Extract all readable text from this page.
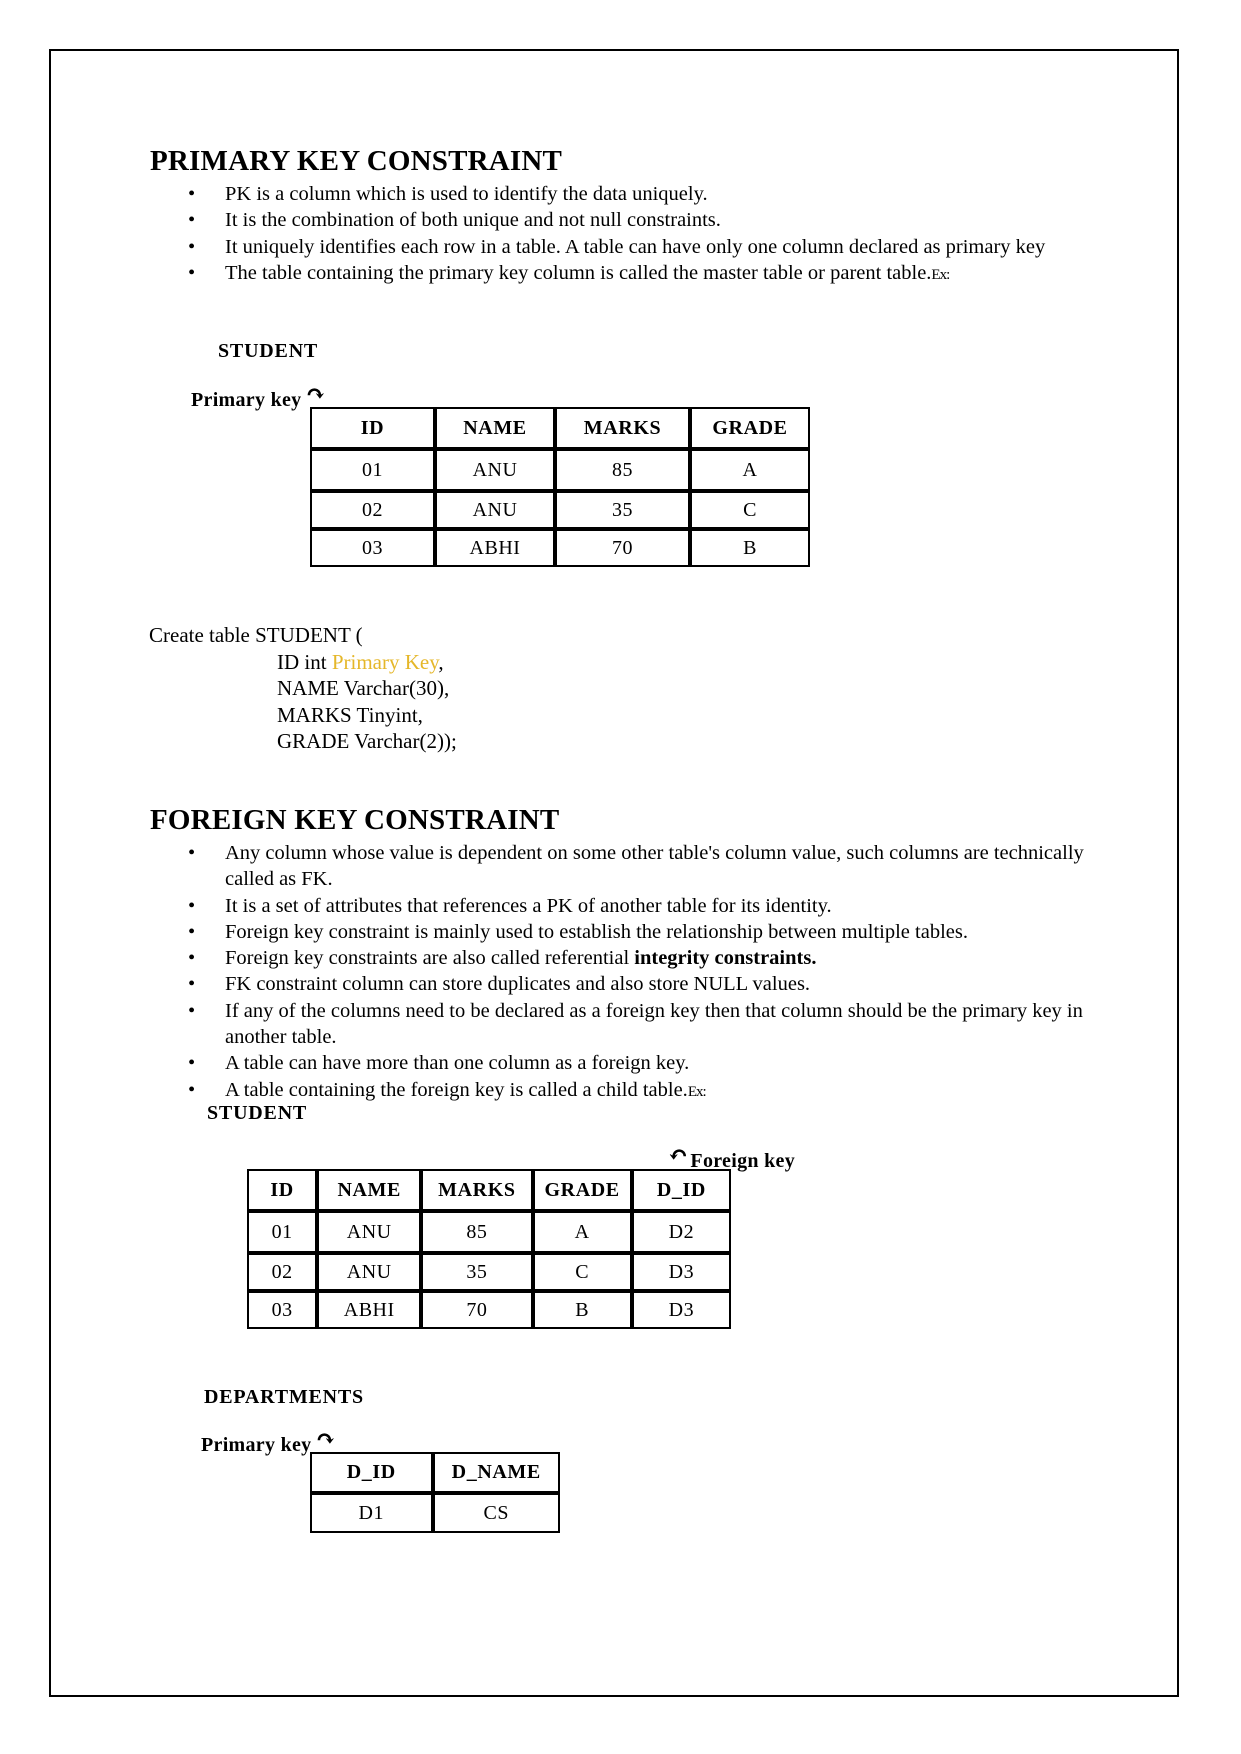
PRIMARY KEY CONSTRAINT
• PK is a column which is used to identify the data uniquely.
• It is the combination of both unique and not null constraints.
• It uniquely identifies each row in a table. A table can have only one column declared as primary key
• The table containing the primary key column is called the master table or parent table.Ex:
STUDENT
Primary key ↷
ID	NAME	MARKS	GRADE
01	ANU	85	A
02	ANU	35	C
03	ABHI	70	B
Create table STUDENT (
ID int Primary Key,
NAME Varchar(30),
MARKS Tinyint,
GRADE Varchar(2));
FOREIGN KEY CONSTRAINT
• Any column whose value is dependent on some other table's column value, such columns are technically called as FK.
• It is a set of attributes that references a PK of another table for its identity.
• Foreign key constraint is mainly used to establish the relationship between multiple tables.
• Foreign key constraints are also called referential integrity constraints.
• FK constraint column can store duplicates and also store NULL values.
• If any of the columns need to be declared as a foreign key then that column should be the primary key in another table.
• A table can have more than one column as a foreign key.
• A table containing the foreign key is called a child table.Ex:
STUDENT
↶ Foreign key
ID	NAME	MARKS	GRADE	D_ID
01	ANU	85	A	D2
02	ANU	35	C	D3
03	ABHI	70	B	D3
DEPARTMENTS
Primary key ↷
D_ID	D_NAME
D1	CS
